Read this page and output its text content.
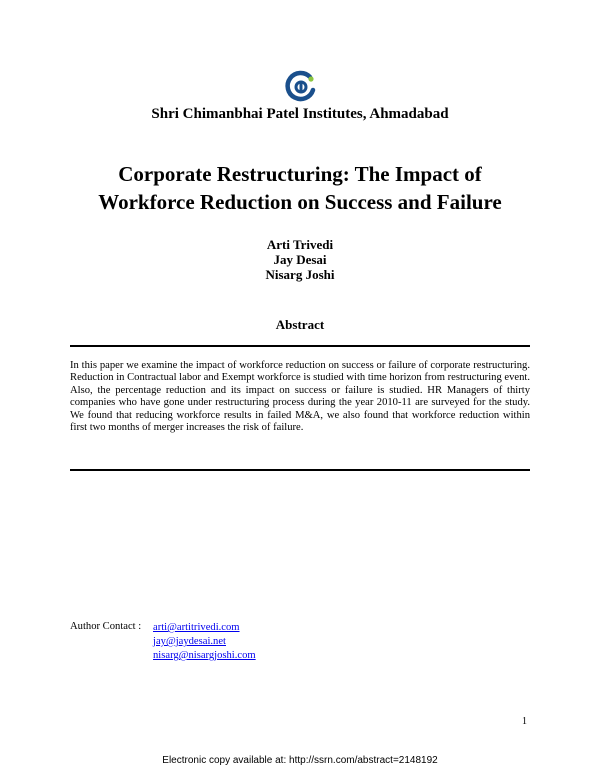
Shri Chimanbhai Patel Institutes, Ahmadabad
Corporate Restructuring: The Impact of
Workforce Reduction on Success and Failure
Arti Trivedi
Jay Desai
Nisarg Joshi
Abstract
In this paper we examine the impact of workforce reduction on success or failure of corporate restructuring. Reduction in Contractual labor and Exempt workforce is studied with time horizon from restructuring event. Also, the percentage reduction and its impact on success or failure is studied. HR Managers of thirty companies who have gone under restructuring process during the year 2010-11 are surveyed for the study. We found that reducing workforce results in failed M&A, we also found that workforce reduction within first two months of merger increases the risk of failure.
Author Contact : arti@artitrivedi.com
jay@jaydesai.net
nisarg@nisargjoshi.com
1
Electronic copy available at: http://ssrn.com/abstract=2148192
